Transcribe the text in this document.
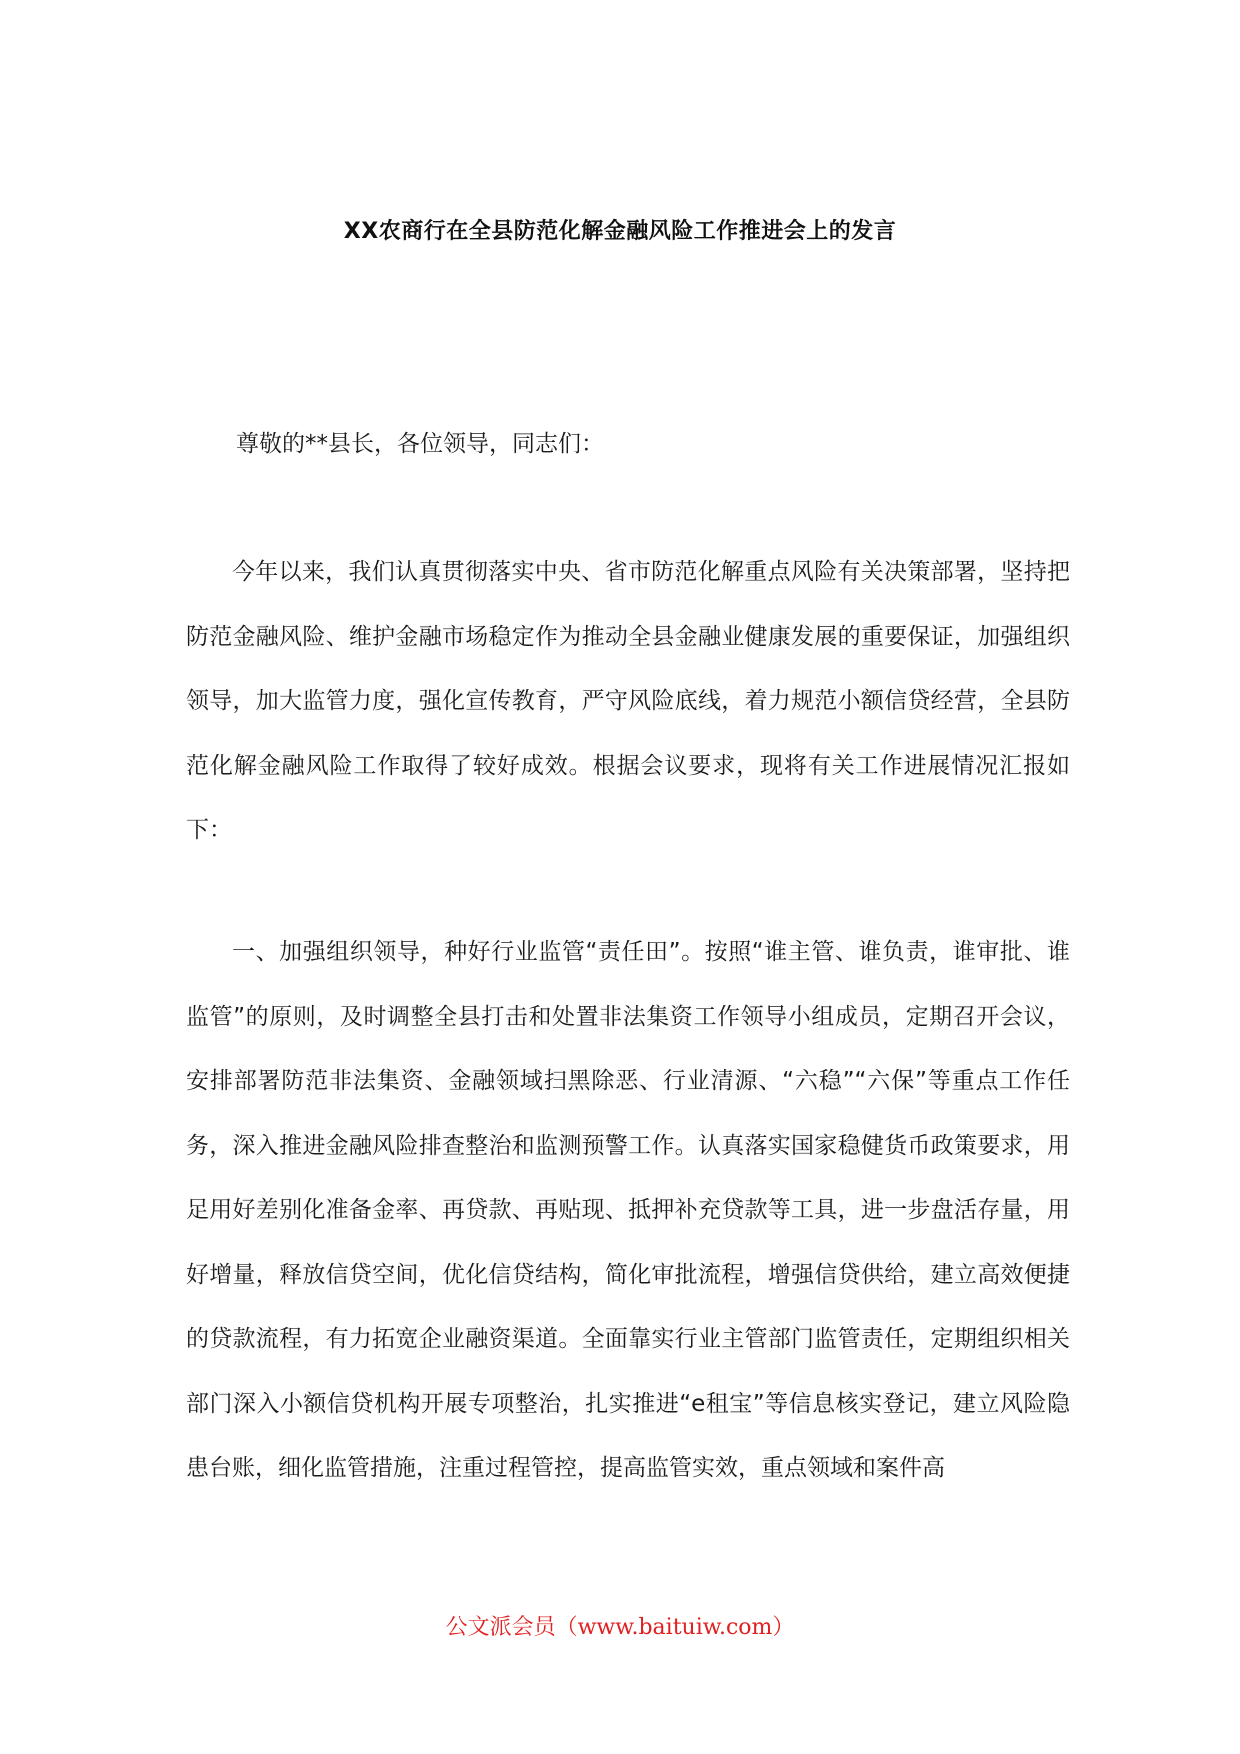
XX农商行在全县防范化解金融风险工作推进会上的发言
尊敬的**县长，各位领导，同志们：
今年以来，我们认真贯彻落实中央、省市防范化解重点风险有关决策部署，坚持把防范金融风险、维护金融市场稳定作为推动全县金融业健康发展的重要保证，加强组织领导，加大监管力度，强化宣传教育，严守风险底线，着力规范小额信贷经营，全县防范化解金融风险工作取得了较好成效。根据会议要求，现将有关工作进展情况汇报如下：
一、加强组织领导，种好行业监管“责任田”。按照“谁主管、谁负责，谁审批、谁监管”的原则，及时调整全县打击和处置非法集资工作领导小组成员，定期召开会议，安排部署防范非法集资、金融领域扫黑除恶、行业清源、“六稳”“六保”等重点工作任务，深入推进金融风险排查整治和监测预警工作。认真落实国家稳健货币政策要求，用足用好差别化准备金率、再贷款、再贴现、抵押补充贷款等工具，进一步盘活存量，用好增量，释放信贷空间，优化信贷结构，简化审批流程，增强信贷供给，建立高效便捷的贷款流程，有力拓宽企业融资渠道。全面靠实行业主管部门监管责任，定期组织相关部门深入小额信贷机构开展专项整治，扎实推进“e租宝”等信息核实登记，建立风险隐患台账，细化监管措施，注重过程管控，提高监管实效，重点领域和案件高
公文派会员（www.baituiw.com）
